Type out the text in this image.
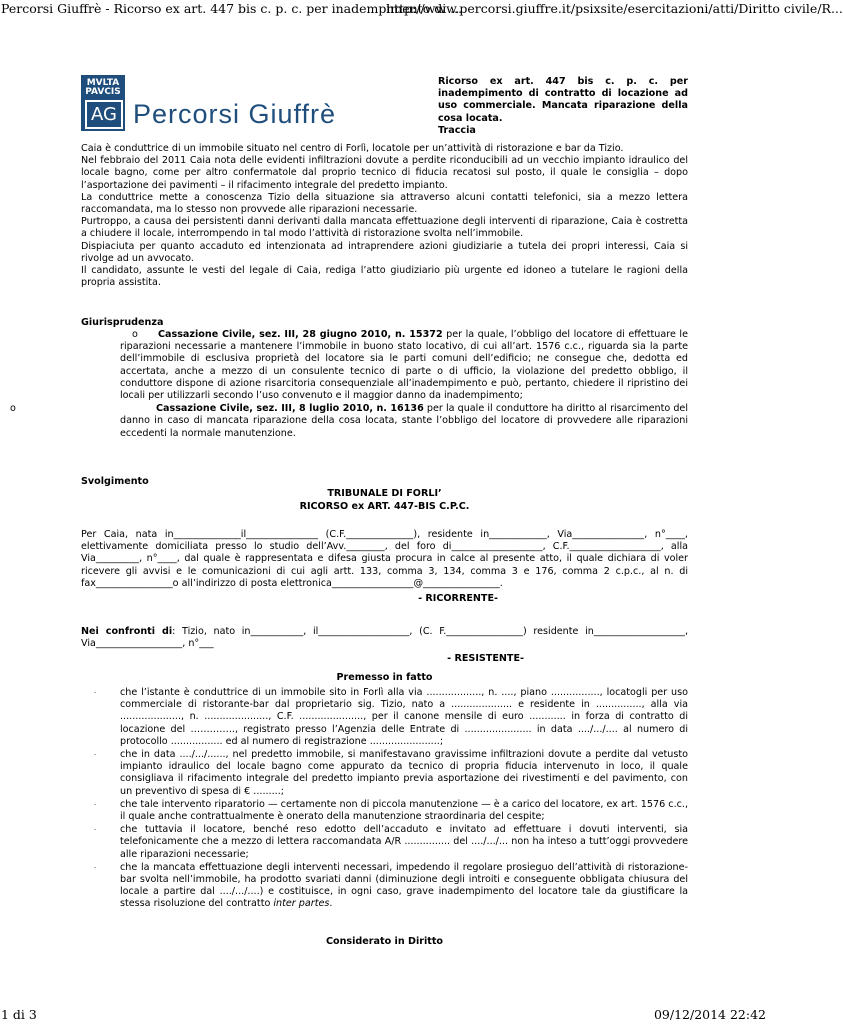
Percorsi Giuffrè - Ricorso ex art. 447 bis c. p. c. per inadempimento di ...
http://www.percorsi.giuffre.it/psixsite/esercitazioni/atti/Diritto civile/R...
MVLTA
PAVCIS
AG Percorsi Giuffrè
Ricorso ex art. 447 bis c. p. c. per inadempimento di contratto di locazione ad uso commerciale. Mancata riparazione della cosa locata.
Traccia

Caia è conduttrice di un immobile situato nel centro di Forlì, locatole per un’attività di ristorazione e bar da Tizio.

Nel febbraio del 2011 Caia nota delle evidenti infiltrazioni dovute a perdite riconducibili ad un vecchio impianto idraulico del locale bagno, come per altro confermatole dal proprio tecnico di fiducia recatosi sul posto, il quale le consiglia – dopo l’asportazione dei pavimenti – il rifacimento integrale del predetto impianto.

La conduttrice mette a conoscenza Tizio della situazione sia attraverso alcuni contatti telefonici, sia a mezzo lettera raccomandata, ma lo stesso non provvede alle riparazioni necessarie.

Purtroppo, a causa dei persistenti danni derivanti dalla mancata effettuazione degli interventi di riparazione, Caia è costretta a chiudere il locale, interrompendo in tal modo l’attività di ristorazione svolta nell’immobile.

Dispiaciuta per quanto accaduto ed intenzionata ad intraprendere azioni giudiziarie a tutela dei propri interessi, Caia si rivolge ad un avvocato.

Il candidato, assunte le vesti del legale di Caia, rediga l’atto giudiziario più urgente ed idoneo a tutelare le ragioni della propria assistita.

Giurisprudenza
o Cassazione Civile, sez. III, 28 giugno 2010, n. 15372 per la quale, l’obbligo del locatore di effettuare le riparazioni necessarie a mantenere l’immobile in buono stato locativo, di cui all’art. 1576 c.c., riguarda sia la parte dell’immobile di esclusiva proprietà del locatore sia le parti comuni dell’edificio; ne consegue che, dedotta ed accertata, anche a mezzo di un consulente tecnico di parte o di ufficio, la violazione del predetto obbligo, il conduttore dispone di azione risarcitoria consequenziale all’inadempimento e può, pertanto, chiedere il ripristino dei locali per utilizzarli secondo l’uso convenuto e il maggior danno da inadempimento;
o	Cassazione Civile, sez. III, 8 luglio 2010, n. 16136 per la quale il conduttore ha diritto al risarcimento del danno in caso di mancata riparazione della cosa locata, stante l’obbligo del locatore di provvedere alle riparazioni eccedenti la normale manutenzione.
Svolgimento
TRIBUNALE DI FORLI’
RICORSO ex ART. 447-BIS C.P.C.
Per Caia, nata in______________il_______________ (C.F.______________), residente in____________, Via_______________, n°____, elettivamente domiciliata presso lo studio dell’Avv.________, del foro di___________________, C.F.___________________, alla Via_________, n°____, dal quale è rappresentata e difesa giusta procura in calce al presente atto, il quale dichiara di voler ricevere gli avvisi e le comunicazioni di cui agli artt. 133, comma 3, 134, comma 3 e 176, comma 2 c.p.c., al n. di fax________________o all’indirizzo di posta elettronica_________________@________________.
- RICORRENTE-
Nei confronti di: Tizio, nato in___________, il___________________, (C. F.________________) residente in___________________, Via__________________, n°___
- RESISTENTE-
Premesso in fatto
· che l’istante è conduttrice di un immobile sito in Forlì alla via .................., n. ...., piano ................, locatogli per uso commerciale di ristorante-bar dal proprietario sig. Tizio, nato a .................... e residente in ..............., alla via ...................., n. ....................., C.F. ....................., per il canone mensile di euro ............ in forza di contratto di locazione del ………….., registrato presso l’Agenzia delle Entrate di ...................... in data ..../.../.... al numero di protocollo ................. ed al numero di registrazione .......................;
· che in data ..../.../......, nel predetto immobile, si manifestavano gravissime infiltrazioni dovute a perdite dal vetusto impianto idraulico del locale bagno come appurato da tecnico di propria fiducia intervenuto in loco, il quale consigliava il rifacimento integrale del predetto impianto previa asportazione dei rivestimenti e del pavimento, con un preventivo di spesa di € .........;
· che tale intervento riparatorio — certamente non di piccola manutenzione — è a carico del locatore, ex art. 1576 c.c., il quale anche contrattualmente è onerato della manutenzione straordinaria del cespite;
· che tuttavia il locatore, benché reso edotto dell’accaduto e invitato ad effettuare i dovuti interventi, sia telefonicamente che a mezzo di lettera raccomandata A/R ............... del ..../.../... non ha inteso a tutt’oggi provvedere alle riparazioni necessarie;
· che la mancata effettuazione degli interventi necessari, impedendo il regolare prosieguo dell’attività di ristorazione-bar svolta nell’immobile, ha prodotto svariati danni (diminuzione degli introiti e conseguente obbligata chiusura del locale a partire dal ..../.../....) e costituisce, in ogni caso, grave inadempimento del locatore tale da giustificare la stessa risoluzione del contratto inter partes.
Considerato in Diritto
1 di 3	09/12/2014 22:42
